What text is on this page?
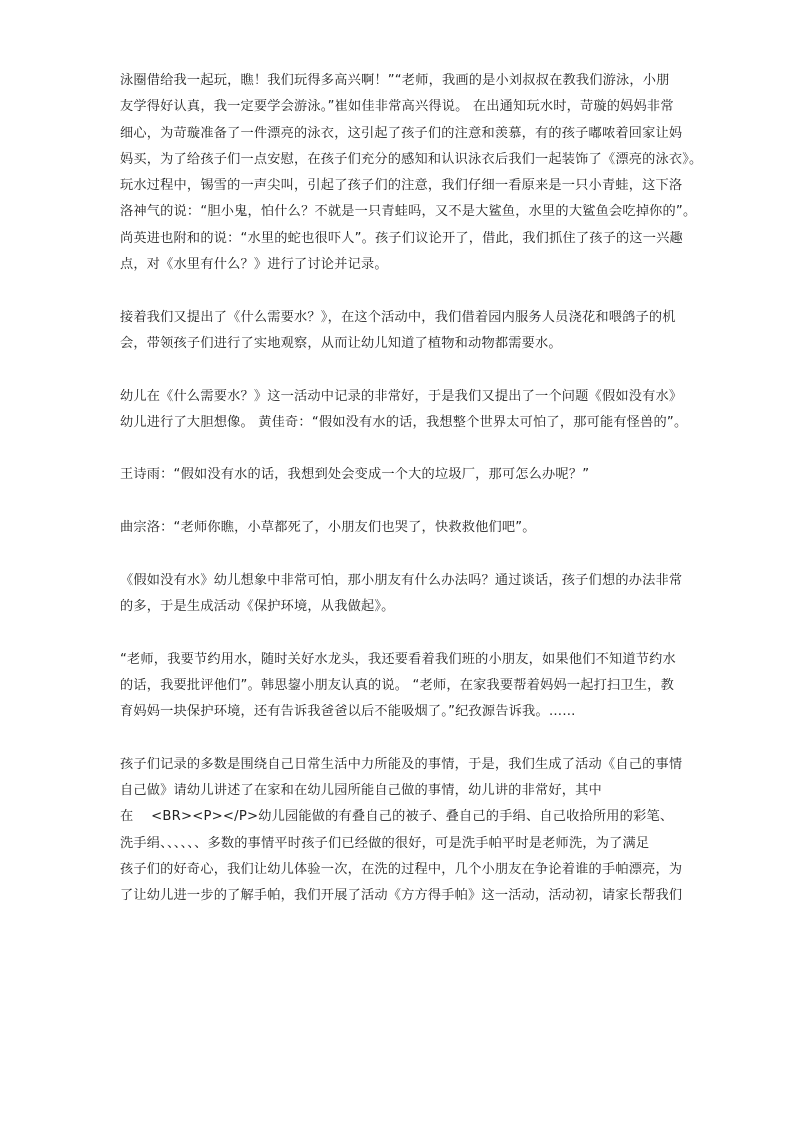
泳圈借给我一起玩，瞧！我们玩得多高兴啊！”“老师，我画的是小刘叔叔在教我们游泳，小朋
友学得好认真，我一定要学会游泳。”崔如佳非常高兴得说。 在出通知玩水时，苛璇的妈妈非常
细心，为苛璇准备了一件漂亮的泳衣，这引起了孩子们的注意和羡慕，有的孩子嘟哝着回家让妈
妈买，为了给孩子们一点安慰，在孩子们充分的感知和认识泳衣后我们一起装饰了《漂亮的泳衣》。
玩水过程中，锡雪的一声尖叫，引起了孩子们的注意，我们仔细一看原来是一只小青蛙，这下洛
洛神气的说：“胆小鬼，怕什么？不就是一只青蛙吗，又不是大鲨鱼，水里的大鲨鱼会吃掉你的”。
尚英进也附和的说：“水里的蛇也很吓人”。孩子们议论开了，借此，我们抓住了孩子的这一兴趣
点，对《水里有什么？》进行了讨论并记录。
接着我们又提出了《什么需要水？》，在这个活动中，我们借着园内服务人员浇花和喂鸽子的机
会，带领孩子们进行了实地观察，从而让幼儿知道了植物和动物都需要水。
幼儿在《什么需要水？》这一活动中记录的非常好，于是我们又提出了一个问题《假如没有水》
幼儿进行了大胆想像。 黄佳奇：“假如没有水的话，我想整个世界太可怕了，那可能有怪兽的”。
王诗雨：“假如没有水的话，我想到处会变成一个大的垃圾厂，那可怎么办呢？”
曲宗洛：“老师你瞧，小草都死了，小朋友们也哭了，快救救他们吧”。
《假如没有水》幼儿想象中非常可怕，那小朋友有什么办法吗？通过谈话，孩子们想的办法非常
的多，于是生成活动《保护环境，从我做起》。
“老师，我要节约用水，随时关好水龙头，我还要看着我们班的小朋友，如果他们不知道节约水
的话，我要批评他们”。韩思鋆小朋友认真的说。 “老师，在家我要帮着妈妈一起打扫卫生，教
育妈妈一块保护环境，还有告诉我爸爸以后不能吸烟了。”纪孜源告诉我。……
孩子们记录的多数是围绕自己日常生活中力所能及的事情，于是，我们生成了活动《自己的事情
自己做》请幼儿讲述了在家和在幼儿园所能自己做的事情，幼儿讲的非常好，其中
在　 <BR><P></P>幼儿园能做的有叠自己的被子、叠自己的手绢、自己收拾所用的彩笔、
洗手绢、、、、、、多数的事情平时孩子们已经做的很好，可是洗手帕平时是老师洗，为了满足
孩子们的好奇心，我们让幼儿体验一次，在洗的过程中，几个小朋友在争论着谁的手帕漂亮，为
了让幼儿进一步的了解手帕，我们开展了活动《方方得手帕》这一活动，活动初，请家长帮我们
